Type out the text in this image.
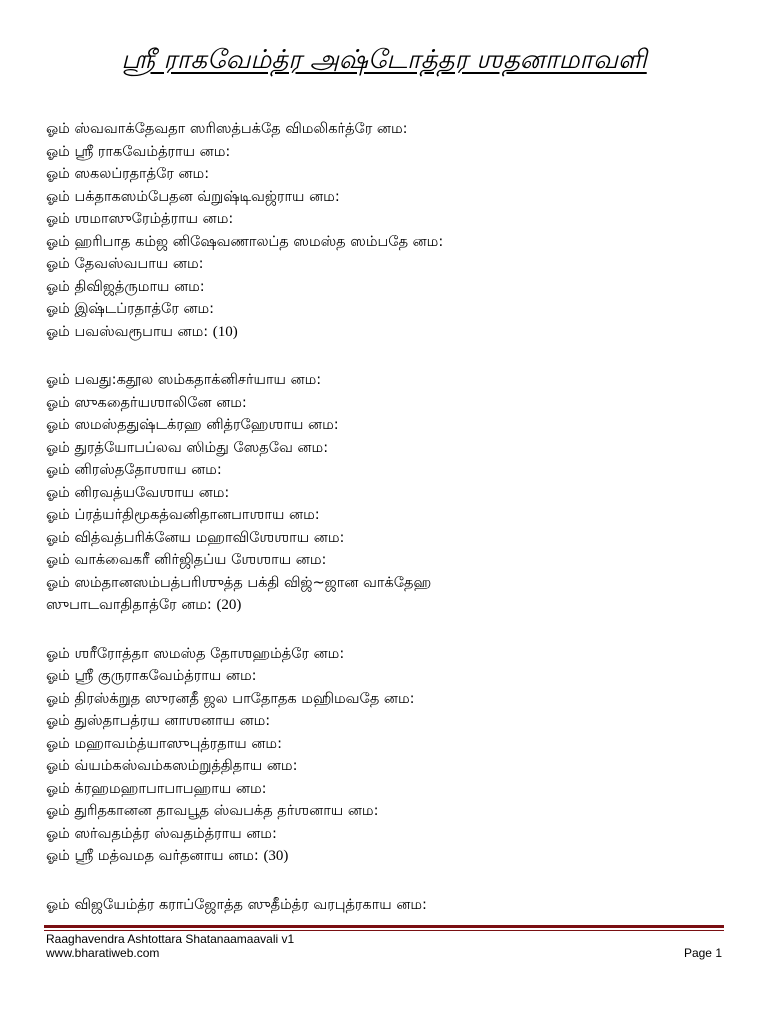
ஸ்ரீ ராகவேம்த்ர அஷ்டோத்தர ஶதனாமாவளி
ஓம் ஸ்வவாக்தேவதா ஸரிஸத்பக்தே விமலிகர்த்ரே னம:
ஓம் ஸ்ரீ ராகவேம்த்ராய னம:
ஓம் ஸகலப்ரதாத்ரே னம:
ஓம் பக்தாகஸம்பேதன வ்றுஷ்டிவஜ்ராய னம:
ஓம் ஶமாஸுரேம்த்ராய னம:
ஓம் ஹரிபாத கம்ஜ னிஷேவணாலப்த ஸமஸ்த ஸம்பதே னம:
ஓம் தேவஸ்வபாய னம:
ஓம் திவிஜத்ருமாய னம:
ஓம் இஷ்டப்ரதாத்ரே னம:
ஓம் பவஸ்வரூபாய னம: (10)
ஓம் பவது:கதூல ஸம்கதாக்னிசர்யாய னம:
ஓம் ஸுகதைர்யஶாலினே னம:
ஓம் ஸமஸ்ததுஷ்டக்ரஹ னித்ரஹேஶாய னம:
ஓம் துரத்யோபப்லவ ஸிம்து ஸேதவே னம:
ஓம் னிரஸ்ததோஶாய னம:
ஓம் னிரவத்யவேஶாய னம:
ஓம் ப்ரத்யர்திமூகத்வனிதானபாஶாய னம:
ஓம் வித்வத்பரிக்னேய மஹாவிஶேஶாய னம:
ஓம் வாக்வைகரீ னிர்ஜிதப்ய ஶேஶாய னம:
ஓம் ஸம்தானஸம்பத்பரிஶுத்த பக்தி விஜ்~ஜான வாக்தேஹ
ஸுபாடவாதிதாத்ரே னம: (20)
ஓம் ஶரீரோத்தா ஸமஸ்த தோஶஹம்த்ரே னம:
ஓம் ஸ்ரீ குருராகவேம்த்ராய னம:
ஓம் திரஸ்க்றுத ஸுரனதீ ஜல பாதோதக மஹிமவதே னம:
ஓம் துஸ்தாபத்ரய னாஶனாய னம:
ஓம் மஹாவம்த்யாஸுபுத்ரதாய னம:
ஓம் வ்யம்கஸ்வம்கஸம்றுத்திதாய னம:
ஓம் க்ரஹமஹாபாபாபஹாய னம:
ஓம் துரிதகானன தாவபூத ஸ்வபக்த தர்ஶனாய னம:
ஓம் ஸர்வதம்த்ர ஸ்வதம்த்ராய னம:
ஓம் ஸ்ரீ மத்வமத வர்தனாய னம: (30)
ஓம் விஜயேம்த்ர கராப்ஜோத்த ஸுதீம்த்ர வரபுத்ரகாய னம:
Raaghavendra Ashtottara Shatanaamaavali v1
www.bharatiweb.com	Page 1
